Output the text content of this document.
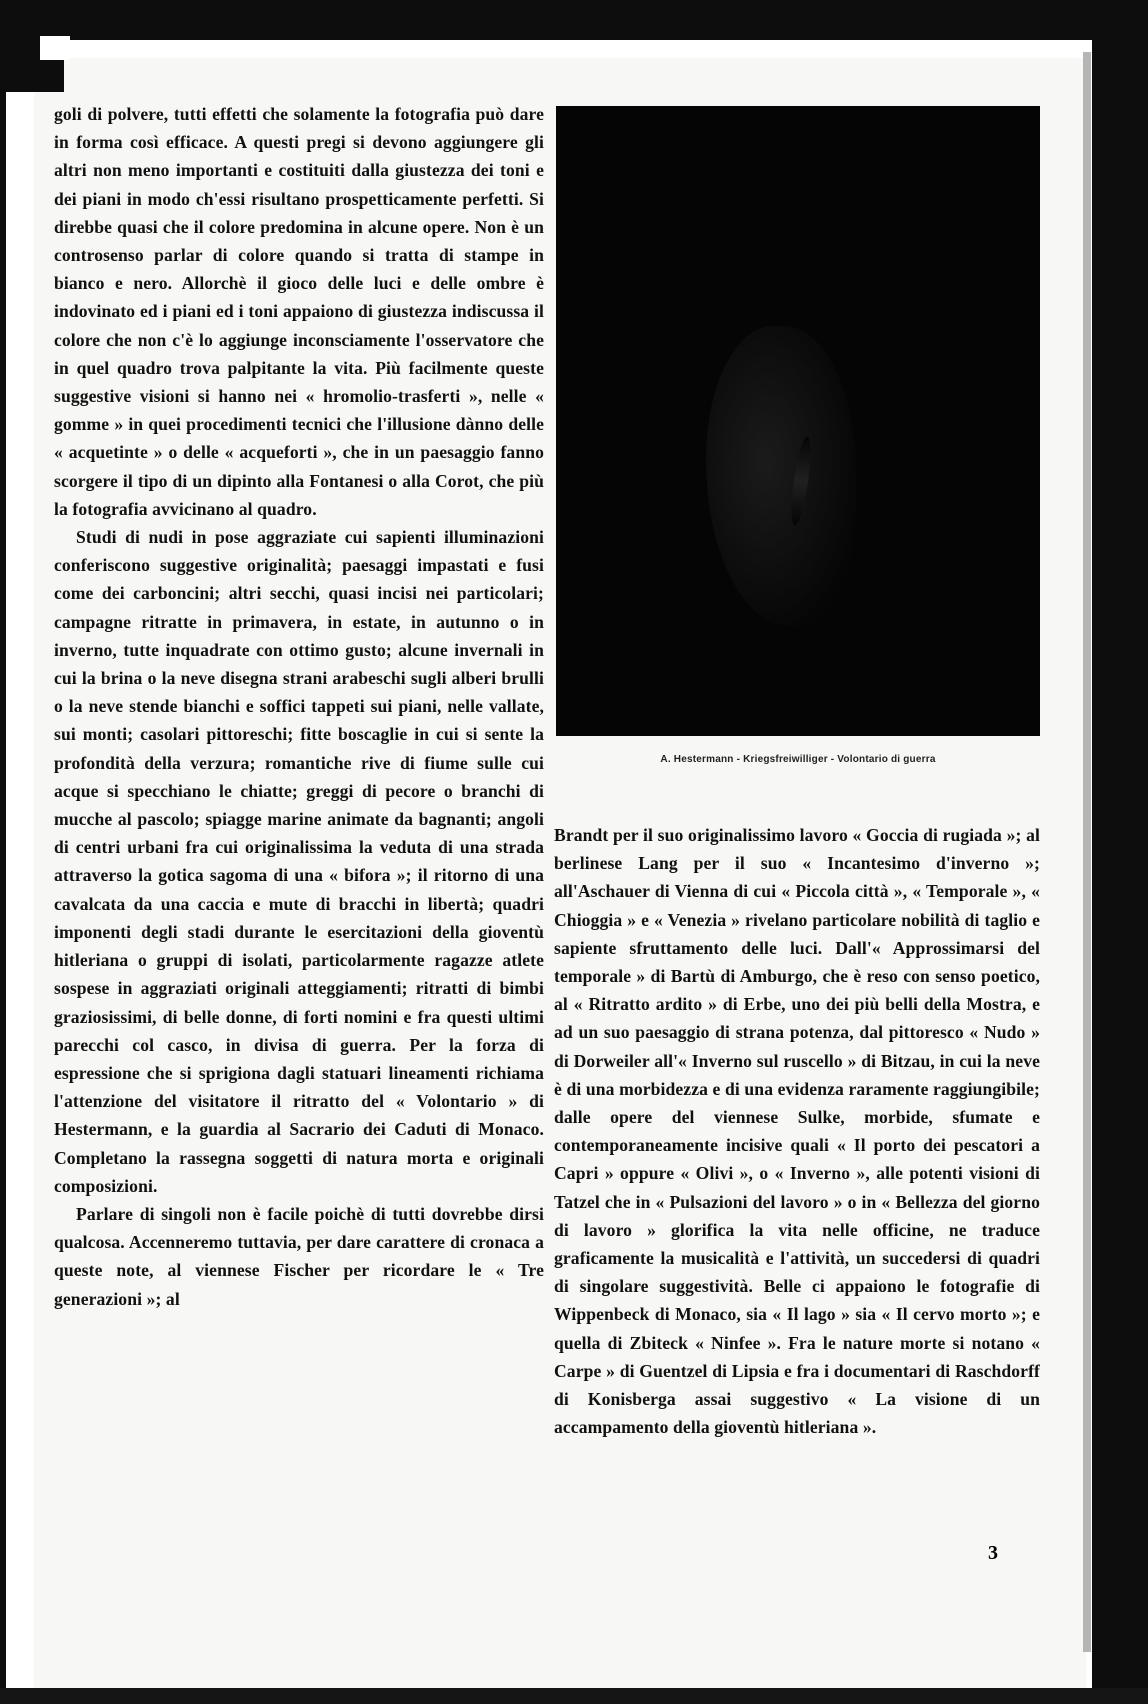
goli di polvere, tutti effetti che solamente la fotografia può dare in forma così efficace. A questi pregi si devono aggiungere gli altri non meno importanti e costituiti dalla giustezza dei toni e dei piani in modo ch'essi risultano prospetticamente perfetti. Si direbbe quasi che il colore predomina in alcune opere. Non è un controsenso parlar di colore quando si tratta di stampe in bianco e nero. Allorchè il gioco delle luci e delle ombre è indovinato ed i piani ed i toni appaiono di giustezza indiscussa il colore che non c'è lo aggiunge inconsciamente l'osservatore che in quel quadro trova palpitante la vita. Più facilmente queste suggestive visioni si hanno nei « hromolio-trasferti », nelle « gomme » in quei procedimenti tecnici che l'illusione dànno delle « acquetinte » o delle « acqueforti », che in un paesaggio fanno scorgere il tipo di un dipinto alla Fontanesi o alla Corot, che più la fotografia avvicinano al quadro.

Studi di nudi in pose aggraziate cui sapienti illuminazioni conferiscono suggestive originalità; paesaggi impastati e fusi come dei carboncini; altri secchi, quasi incisi nei particolari; campagne ritratte in primavera, in estate, in autunno o in inverno, tutte inquadrate con ottimo gusto; alcune invernali in cui la brina o la neve disegna strani arabeschi sugli alberi brulli o la neve stende bianchi e soffici tappeti sui piani, nelle vallate, sui monti; casolari pittoreschi; fitte boscaglie in cui si sente la profondità della verzura; romantiche rive di fiume sulle cui acque si specchiano le chiatte; greggi di pecore o branchi di mucche al pascolo; spiagge marine animate da bagnanti; angoli di centri urbani fra cui originalissima la veduta di una strada attraverso la gotica sagoma di una « bifora »; il ritorno di una cavalcata da una caccia e mute di bracchi in libertà; quadri imponenti degli stadi durante le esercitazioni della gioventù hitleriana o gruppi di isolati, particolarmente ragazze atlete sospese in aggraziati originali atteggiamenti; ritratti di bimbi graziosissimi, di belle donne, di forti nomini e fra questi ultimi parecchi col casco, in divisa di guerra. Per la forza di espressione che si sprigiona dagli statuari lineamenti richiama l'attenzione del visitatore il ritratto del « Volontario » di Hestermann, e la guardia al Sacrario dei Caduti di Monaco. Completano la rassegna soggetti di natura morta e originali composizioni.

Parlare di singoli non è facile poichè di tutti dovrebbe dirsi qualcosa. Accenneremo tuttavia, per dare carattere di cronaca a queste note, al viennese Fischer per ricordare le « Tre generazioni »; al

A. Hestermann - Kriegsfreiwilliger - Volontario di guerra

Brandt per il suo originalissimo lavoro « Goccia di rugiada »; al berlinese Lang per il suo « Incantesimo d'inverno »; all'Aschauer di Vienna di cui « Piccola città », « Temporale », « Chioggia » e « Venezia » rivelano particolare nobilità di taglio e sapiente sfruttamento delle luci. Dall'« Approssimarsi del temporale » di Bartù di Amburgo, che è reso con senso poetico, al « Ritratto ardito » di Erbe, uno dei più belli della Mostra, e ad un suo paesaggio di strana potenza, dal pittoresco « Nudo » di Dorweiler all'« Inverno sul ruscello » di Bitzau, in cui la neve è di una morbidezza e di una evidenza raramente raggiungibile; dalle opere del viennese Sulke, morbide, sfumate e contemporaneamente incisive quali « Il porto dei pescatori a Capri » oppure « Olivi », o « Inverno », alle potenti visioni di Tatzel che in « Pulsazioni del lavoro » o in « Bellezza del giorno di lavoro » glorifica la vita nelle officine, ne traduce graficamente la musicalità e l'attività, un succedersi di quadri di singolare suggestività. Belle ci appaiono le fotografie di Wippenbeck di Monaco, sia « Il lago » sia « Il cervo morto »; e quella di Zbiteck « Ninfee ». Fra le nature morte si notano « Carpe » di Guentzel di Lipsia e fra i documentari di Raschdorff di Konisberga assai suggestivo « La visione di un accampamento della gioventù hitleriana ».

3
